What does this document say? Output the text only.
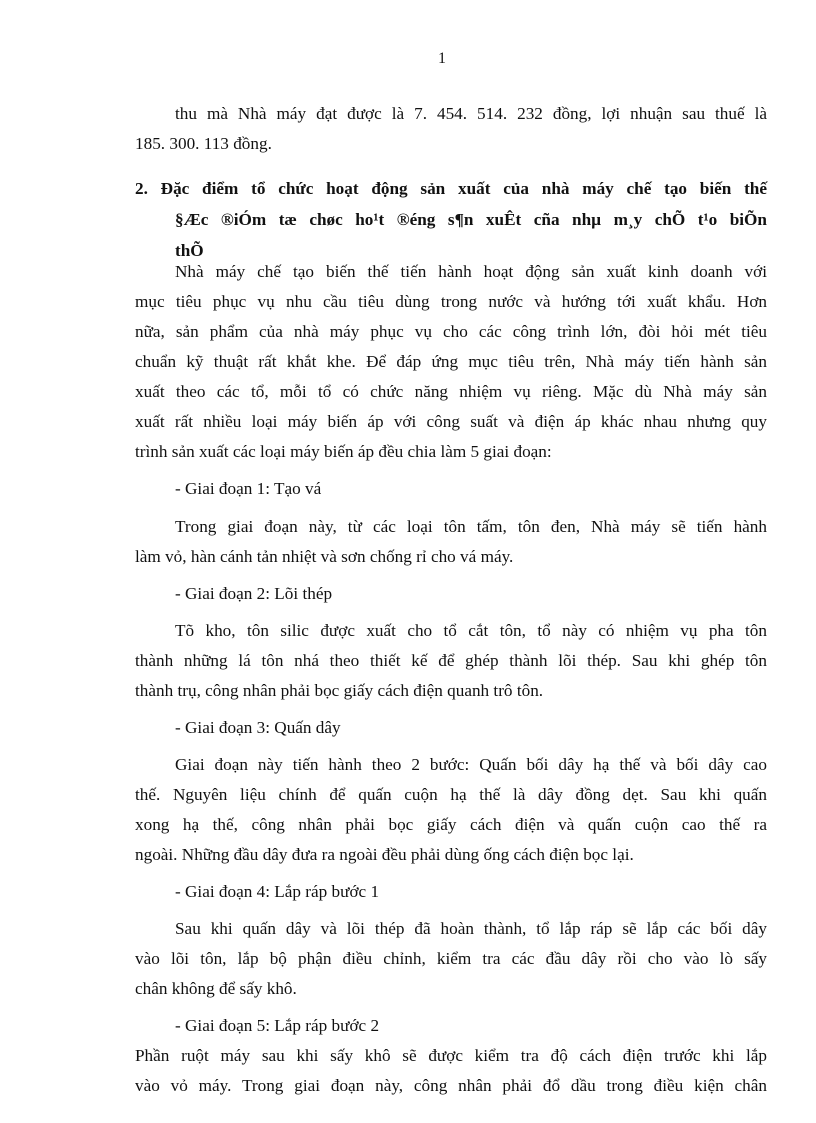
1
thu mà Nhà máy đạt được là 7. 454. 514. 232 đồng, lợi nhuận sau thuế là
185. 300. 113 đồng.
2. Đặc điểm tổ chức hoạt động sản xuất của nhà máy chế tạo biến thế
§Æc ®iÓm tæ chøc ho¹t ®éng s¶n xuÊt cña nhµ m¸y chÕ t¹o biÕn
thÕ
Nhà máy chế tạo biến thế tiến hành hoạt động sản xuất kinh doanh với
mục tiêu phục vụ nhu cầu tiêu dùng trong nước và hướng tới xuất khẩu. Hơn
nữa, sản phẩm của nhà máy phục vụ cho các công trình lớn, đòi hỏi mét tiêu
chuẩn kỹ thuật rất khắt khe. Để đáp ứng mục tiêu trên, Nhà máy tiến hành sản
xuất theo các tổ, mỗi tổ có chức năng nhiệm vụ riêng. Mặc dù Nhà máy sản
xuất rất nhiều loại máy biến áp với công suất và điện áp khác nhau nhưng quy
trình sản xuất các loại máy biến áp đều chia làm 5 giai đoạn:
- Giai đoạn 1: Tạo vá
Trong giai đoạn này, từ các loại tôn tấm, tôn đen, Nhà máy sẽ tiến hành
làm vỏ, hàn cánh tản nhiệt và sơn chống rỉ cho vá máy.
- Giai đoạn 2: Lõi thép
Tõ kho, tôn silic được xuất cho tổ cắt tôn, tổ này có nhiệm vụ pha tôn
thành những lá tôn nhá theo thiết kế để ghép thành lõi thép. Sau khi ghép tôn
thành trụ, công nhân phải bọc giấy cách điện quanh trô tôn.
- Giai đoạn 3: Quấn dây
Giai đoạn này tiến hành theo 2 bước: Quấn bối dây hạ thế và bối dây cao
thế. Nguyên liệu chính để quấn cuộn hạ thế là dây đồng dẹt. Sau khi quấn
xong hạ thế, công nhân phải bọc giấy cách điện và quấn cuộn cao thế ra
ngoài. Những đầu dây đưa ra ngoài đều phải dùng ống cách điện bọc lại.
- Giai đoạn 4: Lắp ráp bước 1
Sau khi quấn dây và lõi thép đã hoàn thành, tổ lắp ráp sẽ lắp các bối dây
vào lõi tôn, lắp bộ phận điều chỉnh, kiểm tra các đầu dây rồi cho vào lò sấy
chân không để sấy khô.
- Giai đoạn 5: Lắp ráp bước 2
Phần ruột máy sau khi sấy khô sẽ được kiểm tra độ cách điện trước khi lắp
vào vỏ máy. Trong giai đoạn này, công nhân phải đổ dầu trong điều kiện chân
